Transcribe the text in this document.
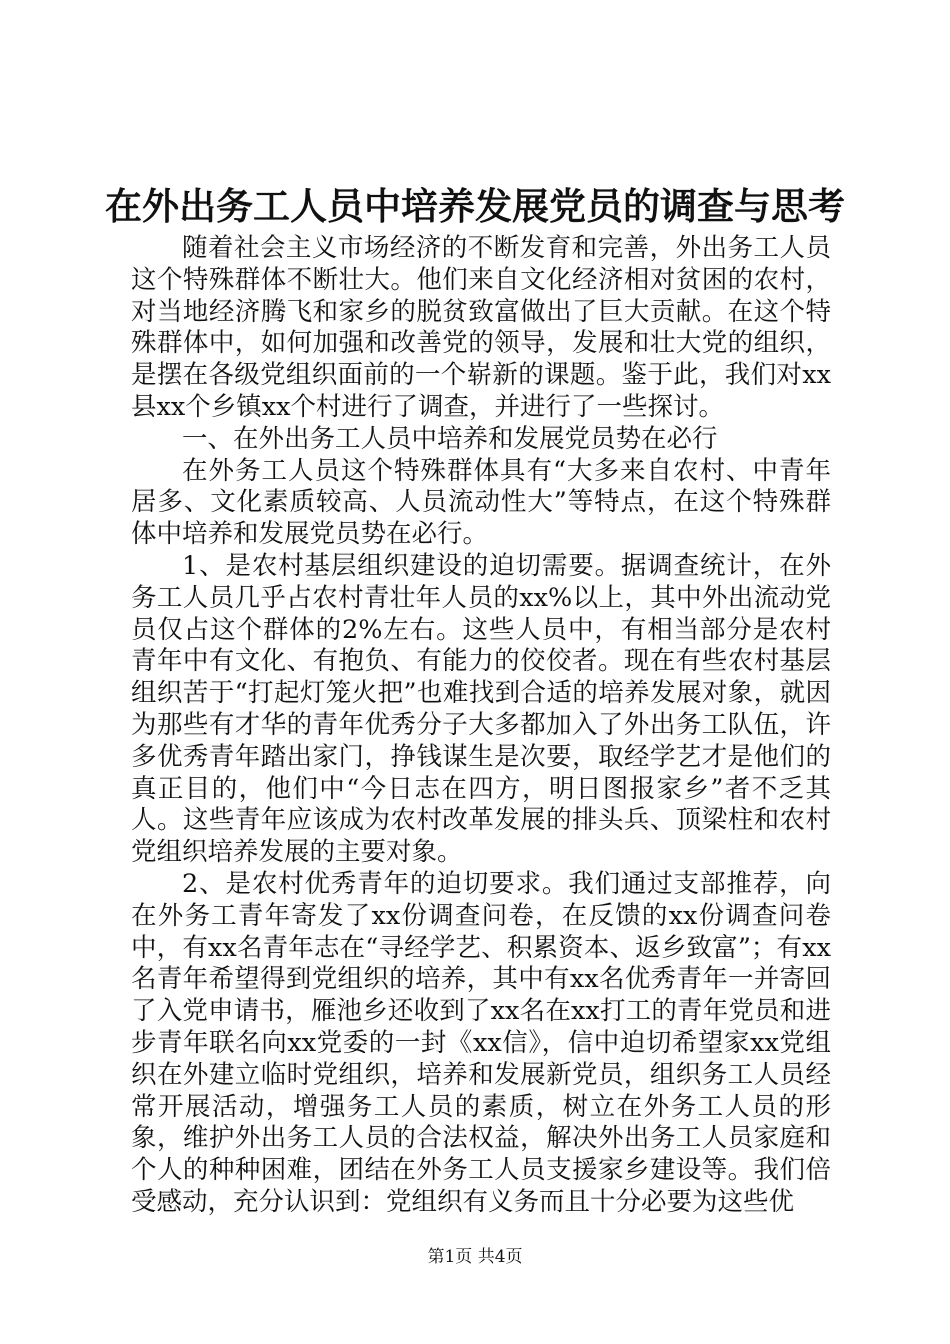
在外出务工人员中培养发展党员的调查与思考

随着社会主义市场经济的不断发育和完善，外出务工人员这个特殊群体不断壮大。他们来自文化经济相对贫困的农村，对当地经济腾飞和家乡的脱贫致富做出了巨大贡献。在这个特殊群体中，如何加强和改善党的领导，发展和壮大党的组织，是摆在各级党组织面前的一个崭新的课题。鉴于此，我们对xx县xx个乡镇xx个村进行了调查，并进行了一些探讨。

一、在外出务工人员中培养和发展党员势在必行

在外务工人员这个特殊群体具有“大多来自农村、中青年居多、文化素质较高、人员流动性大”等特点，在这个特殊群体中培养和发展党员势在必行。

1、是农村基层组织建设的迫切需要。据调查统计，在外务工人员几乎占农村青壮年人员的xx%以上，其中外出流动党员仅占这个群体的2%左右。这些人员中，有相当部分是农村青年中有文化、有抱负、有能力的佼佼者。现在有些农村基层组织苦于“打起灯笼火把”也难找到合适的培养发展对象，就因为那些有才华的青年优秀分子大多都加入了外出务工队伍，许多优秀青年踏出家门，挣钱谋生是次要，取经学艺才是他们的真正目的，他们中“今日志在四方，明日图报家乡”者不乏其人。这些青年应该成为农村改革发展的排头兵、顶梁柱和农村党组织培养发展的主要对象。

2、是农村优秀青年的迫切要求。我们通过支部推荐，向在外务工青年寄发了xx份调查问卷，在反馈的xx份调查问卷中，有xx名青年志在“寻经学艺、积累资本、返乡致富”；有xx名青年希望得到党组织的培养，其中有xx名优秀青年一并寄回了入党申请书，雁池乡还收到了xx名在xx打工的青年党员和进步青年联名向xx党委的一封《xx信》，信中迫切希望家xx党组织在外建立临时党组织，培养和发展新党员，组织务工人员经常开展活动，增强务工人员的素质，树立在外务工人员的形象，维护外出务工人员的合法权益，解决外出务工人员家庭和个人的种种困难，团结在外务工人员支援家乡建设等。我们倍受感动，充分认识到：党组织有义务而且十分必要为这些优

第1页 共4页
